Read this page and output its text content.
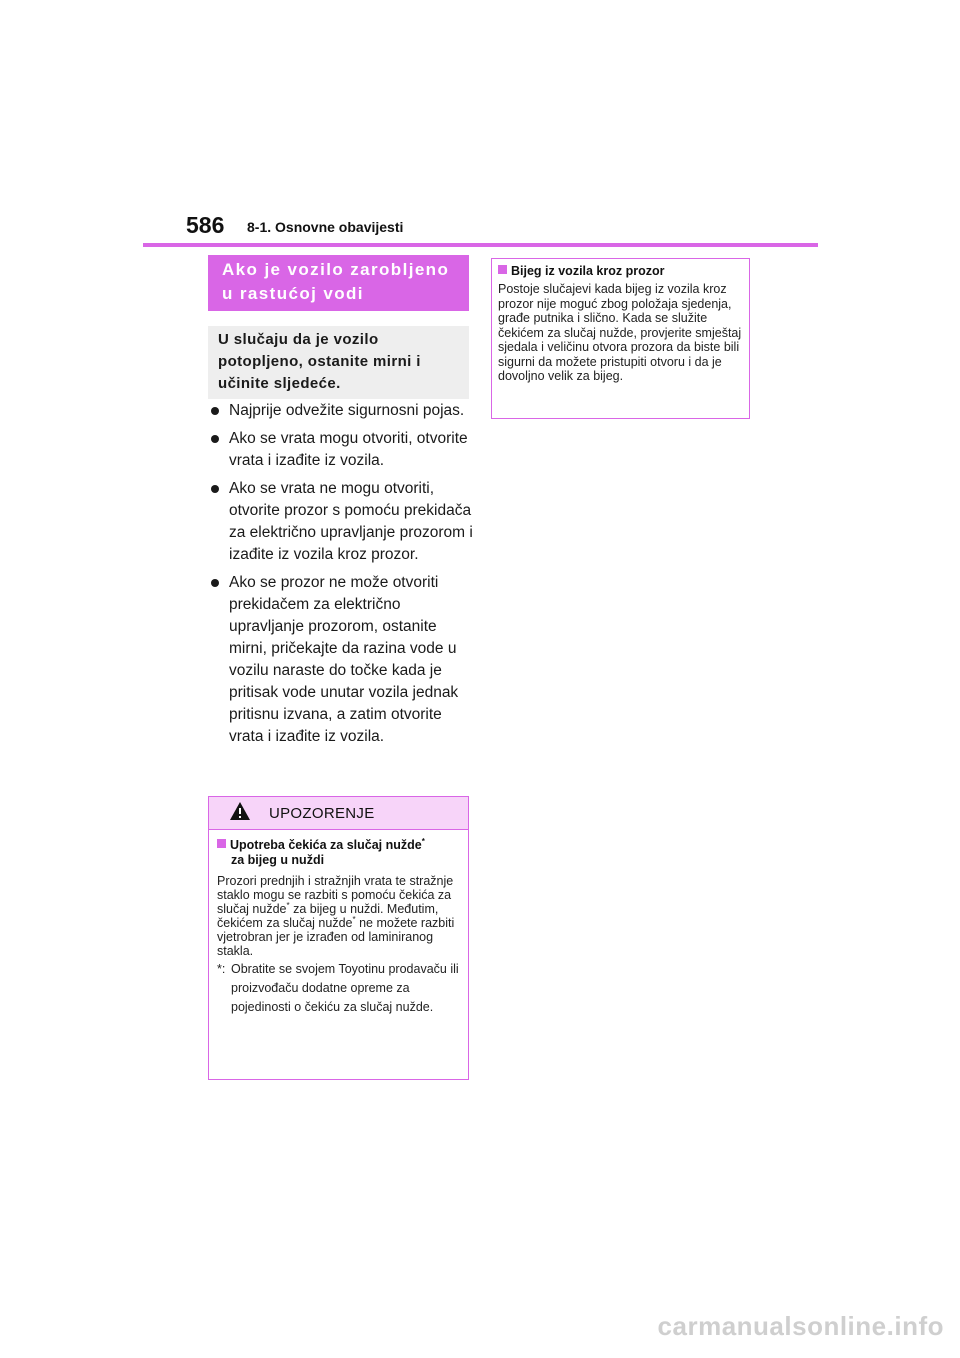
586 8-1. Osnovne obavijesti
Ako je vozilo zarobljeno u rastućoj vodi
U slučaju da je vozilo potopljeno, ostanite mirni i učinite sljedeće.
Najprije odvežite sigurnosni pojas.
Ako se vrata mogu otvoriti, otvorite vrata i izađite iz vozila.
Ako se vrata ne mogu otvoriti, otvorite prozor s pomoću prekidača za električno upravljanje prozorom i izađite iz vozila kroz prozor.
Ako se prozor ne može otvoriti prekidačem za električno upravljanje prozorom, ostanite mirni, pričekajte da razina vode u vozilu naraste do točke kada je pritisak vode unutar vozila jednak pritisnu izvana, a zatim otvorite vrata i izađite iz vozila.
UPOZORENJE
Upotreba čekića za slučaj nužde*
za bijeg u nuždi
Prozori prednjih i stražnjih vrata te stražnje staklo mogu se razbiti s pomoću čekića za slučaj nužde* za bijeg u nuždi. Međutim, čekićem za slučaj nužde* ne možete razbiti vjetrobran jer je izrađen od laminiranog stakla.
*: Obratite se svojem Toyotinu prodavaču ili proizvođaču dodatne opreme za pojedinosti o čekiću za slučaj nužde.
Bijeg iz vozila kroz prozor
Postoje slučajevi kada bijeg iz vozila kroz prozor nije moguć zbog položaja sjedenja, građe putnika i slično. Kada se služite čekićem za slučaj nužde, provjerite smještaj sjedala i veličinu otvora prozora da biste bili sigurni da možete pristupiti otvoru i da je dovoljno velik za bijeg.
carmanualsonline.info
